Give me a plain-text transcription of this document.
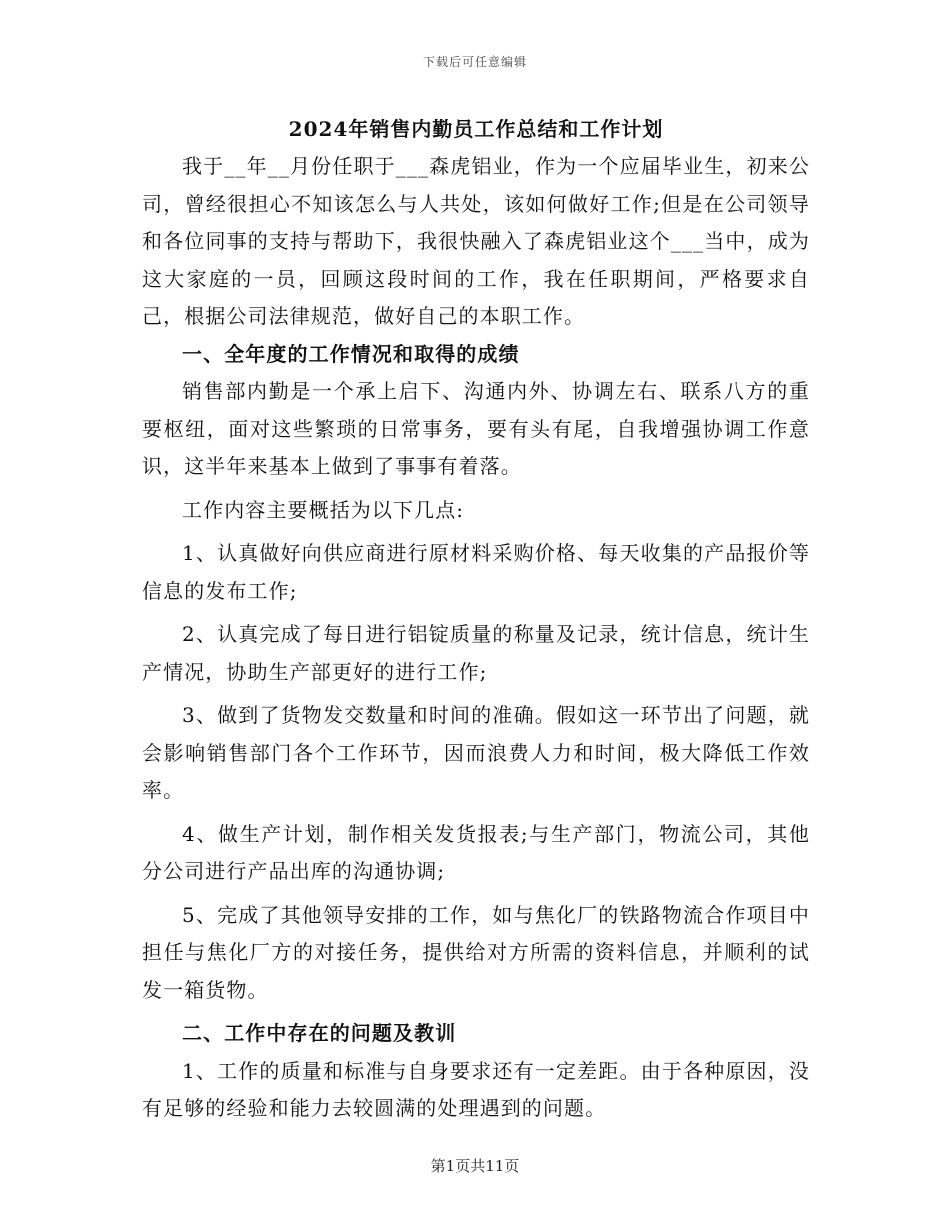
下载后可任意编辑
2024年销售内勤员工作总结和工作计划

我于__年__月份任职于___森虎铝业，作为一个应届毕业生，初来公司，曾经很担心不知该怎么与人共处，该如何做好工作;但是在公司领导和各位同事的支持与帮助下，我很快融入了森虎铝业这个___当中，成为这大家庭的一员，回顾这段时间的工作，我在任职期间，严格要求自己，根据公司法律规范，做好自己的本职工作。

一、全年度的工作情况和取得的成绩

销售部内勤是一个承上启下、沟通内外、协调左右、联系八方的重要枢纽，面对这些繁琐的日常事务，要有头有尾，自我增强协调工作意识，这半年来基本上做到了事事有着落。

工作内容主要概括为以下几点:

1、认真做好向供应商进行原材料采购价格、每天收集的产品报价等信息的发布工作;

2、认真完成了每日进行铝锭质量的称量及记录，统计信息，统计生产情况，协助生产部更好的进行工作;

3、做到了货物发交数量和时间的准确。假如这一环节出了问题，就会影响销售部门各个工作环节，因而浪费人力和时间，极大降低工作效率。

4、做生产计划，制作相关发货报表;与生产部门，物流公司，其他分公司进行产品出库的沟通协调;

5、完成了其他领导安排的工作，如与焦化厂的铁路物流合作项目中担任与焦化厂方的对接任务，提供给对方所需的资料信息，并顺利的试发一箱货物。

二、工作中存在的问题及教训

1、工作的质量和标准与自身要求还有一定差距。由于各种原因，没有足够的经验和能力去较圆满的处理遇到的问题。

第1页共11页
